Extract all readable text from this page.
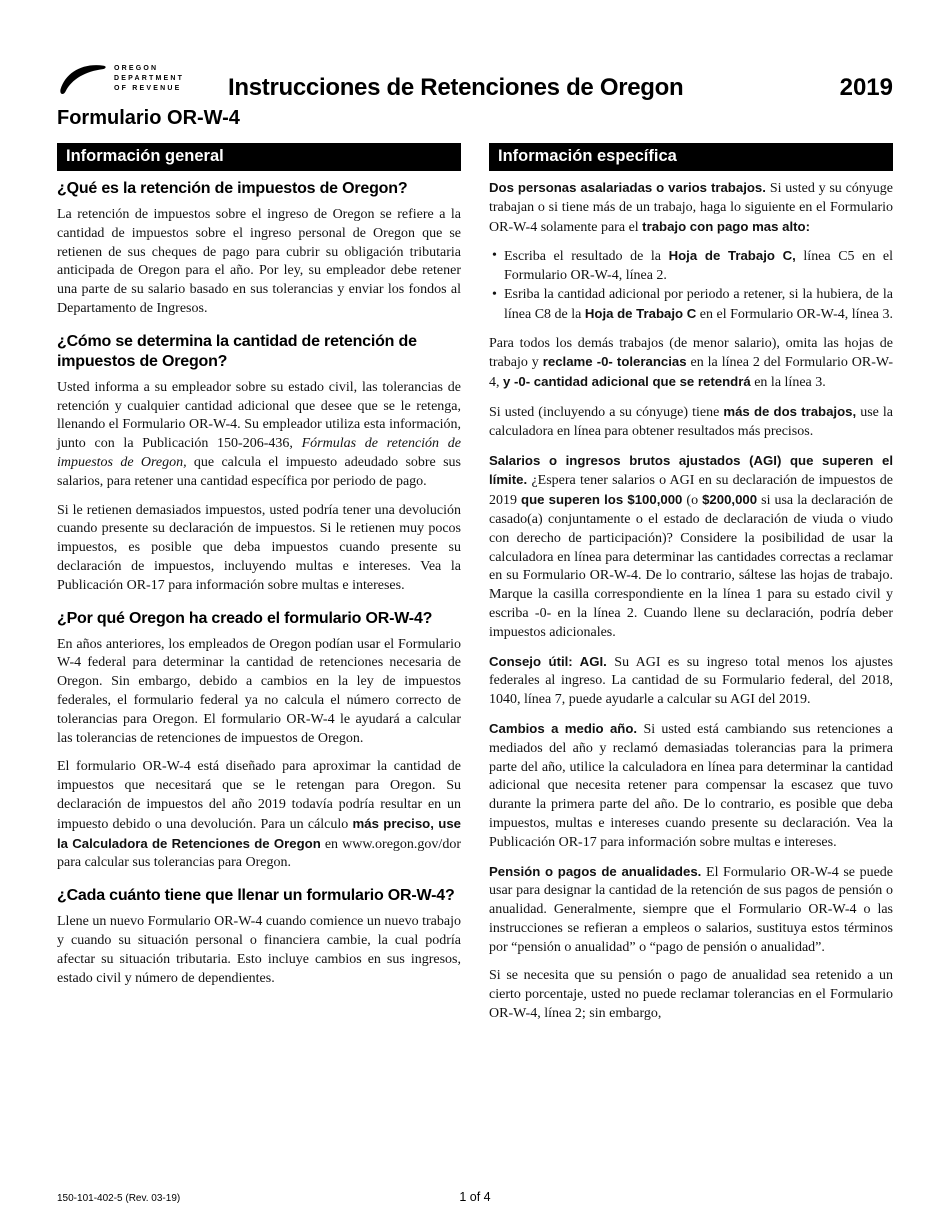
OREGON
DEPARTMENT
OF REVENUE Instrucciones de Retenciones de Oregon	2019
Formulario OR-W-4
Información general
¿Qué es la retención de impuestos de Oregon?

La retención de impuestos sobre el ingreso de Oregon se refiere a la cantidad de impuestos sobre el ingreso personal de Oregon que se retienen de sus cheques de pago para cubrir su obligación tributaria anticipada de Oregon para el año. Por ley, su empleador debe retener una parte de su salario basado en sus tolerancias y enviar los fondos al Departamento de Ingresos.

¿Cómo se determina la cantidad de retención de impuestos de Oregon?

Usted informa a su empleador sobre su estado civil, las tolerancias de retención y cualquier cantidad adicional que desee que se le retenga, llenando el Formulario OR-W-4. Su empleador utiliza esta información, junto con la Publicación 150-206-436, Fórmulas de retención de impuestos de Oregon, que calcula el impuesto adeudado sobre sus salarios, para retener una cantidad específica por periodo de pago.

Si le retienen demasiados impuestos, usted podría tener una devolución cuando presente su declaración de impuestos. Si le retienen muy pocos impuestos, es posible que deba impuestos cuando presente su declaración de impuestos, incluyendo multas e intereses. Vea la Publicación OR-17 para información sobre multas e intereses.

¿Por qué Oregon ha creado el formulario OR-W-4?

En años anteriores, los empleados de Oregon podían usar el Formulario W-4 federal para determinar la cantidad de retenciones necesaria de Oregon. Sin embargo, debido a cambios en la ley de impuestos federales, el formulario federal ya no calcula el número correcto de tolerancias para Oregon. El formulario OR-W-4 le ayudará a calcular las tolerancias de retenciones de impuestos de Oregon.

El formulario OR-W-4 está diseñado para aproximar la cantidad de impuestos que necesitará que se le retengan para Oregon. Su declaración de impuestos del año 2019 todavía podría resultar en un impuesto debido o una devolución. Para un cálculo más preciso, use la Calculadora de Retenciones de Oregon en www.oregon.gov/dor para calcular sus tolerancias para Oregon.

¿Cada cuánto tiene que llenar un formulario OR-W-4?

Llene un nuevo Formulario OR-W-4 cuando comience un nuevo trabajo y cuando su situación personal o financiera cambie, la cual podría afectar su situación tributaria. Esto incluye cambios en sus ingresos, estado civil y número de dependientes.

Información específica

Dos personas asalariadas o varios trabajos. Si usted y su cónyuge trabajan o si tiene más de un trabajo, haga lo siguiente en el Formulario OR-W-4 solamente para el trabajo con pago mas alto:

• Escriba el resultado de la Hoja de Trabajo C, línea C5 en el Formulario OR-W-4, línea 2.
• Esriba la cantidad adicional por periodo a retener, si la hubiera, de la línea C8 de la Hoja de Trabajo C en el Formulario OR-W-4, línea 3.

Para todos los demás trabajos (de menor salario), omita las hojas de trabajo y reclame -0- tolerancias en la línea 2 del Formulario OR-W-4, y -0- cantidad adicional que se retendrá en la línea 3.

Si usted (incluyendo a su cónyuge) tiene más de dos trabajos, use la calculadora en línea para obtener resultados más precisos.

Salarios o ingresos brutos ajustados (AGI) que superen el límite. ¿Espera tener salarios o AGI en su declaración de impuestos de 2019 que superen los $100,000 (o $200,000 si usa la declaración de casado(a) conjuntamente o el estado de declaración de viuda o viudo con derecho de participación)? Considere la posibilidad de usar la calculadora en línea para determinar las cantidades correctas a reclamar en su Formulario OR-W-4. De lo contrario, sáltese las hojas de trabajo. Marque la casilla correspondiente en la línea 1 para su estado civil y escriba -0- en la línea 2. Cuando llene su declaración, podría deber impuestos adicionales.

Consejo útil: AGI. Su AGI es su ingreso total menos los ajustes federales al ingreso. La cantidad de su Formulario federal, del 2018, 1040, línea 7, puede ayudarle a calcular su AGI del 2019.

Cambios a medio año. Si usted está cambiando sus retenciones a mediados del año y reclamó demasiadas tolerancias para la primera parte del año, utilice la calculadora en línea para determinar la cantidad adicional que necesita retener para compensar la escasez que tuvo durante la primera parte del año. De lo contrario, es posible que deba impuestos, multas e intereses cuando presente su declaración. Vea la Publicación OR-17 para información sobre multas e intereses.

Pensión o pagos de anualidades. El Formulario OR-W-4 se puede usar para designar la cantidad de la retención de sus pagos de pensión o anualidad. Generalmente, siempre que el Formulario OR-W-4 o las instrucciones se refieran a empleos o salarios, sustituya estos términos por “pensión o anualidad” o “pago de pensión o anualidad”.

Si se necesita que su pensión o pago de anualidad sea retenido a un cierto porcentaje, usted no puede reclamar tolerancias en el Formulario OR-W-4, línea 2; sin embargo,

150-101-402-5 (Rev. 03-19)	1 of 4
